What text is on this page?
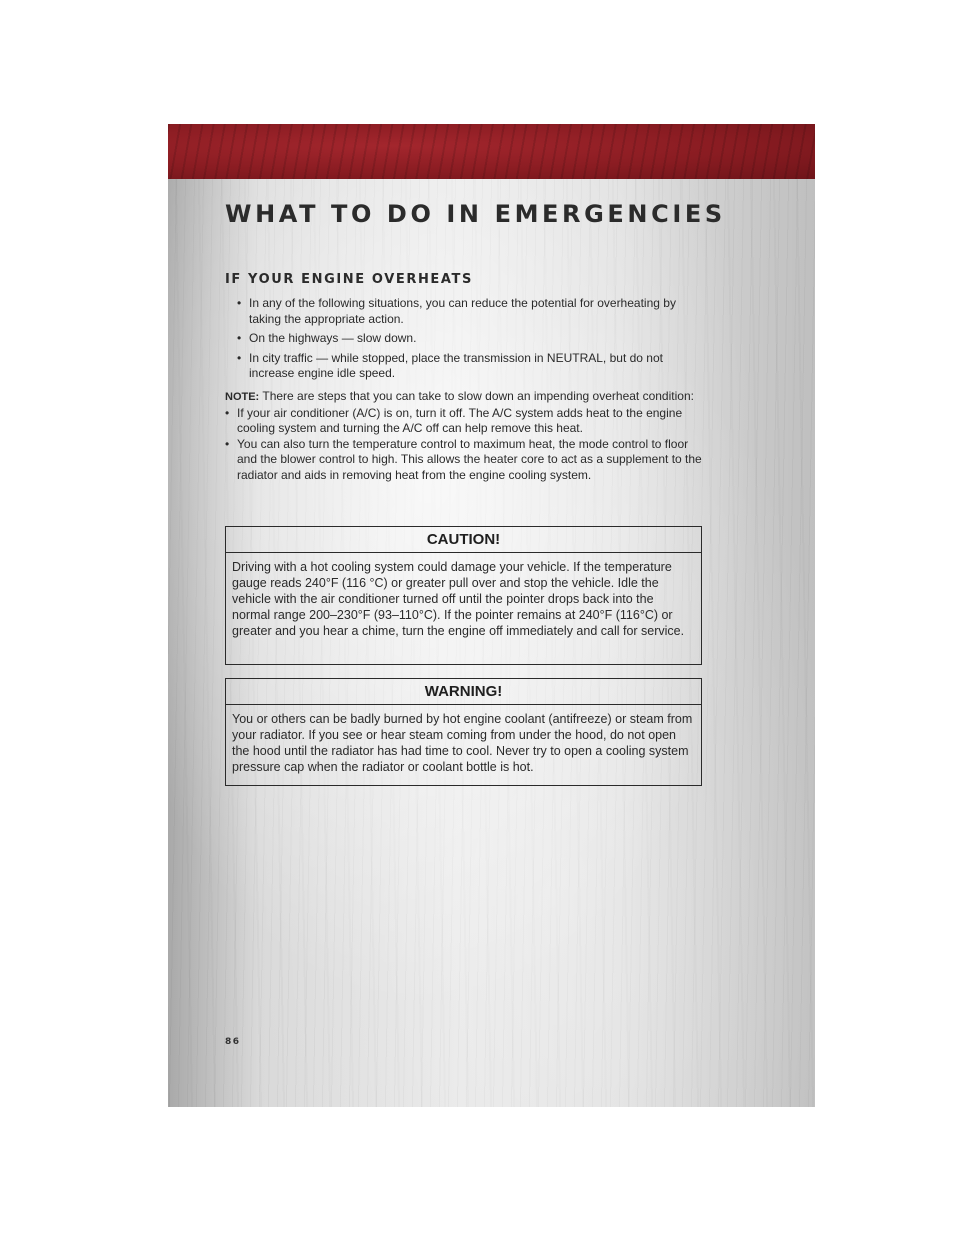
WHAT TO DO IN EMERGENCIES
IF YOUR ENGINE OVERHEATS
• In any of the following situations, you can reduce the potential for overheating by taking the appropriate action.
• On the highways — slow down.
• In city traffic — while stopped, place the transmission in NEUTRAL, but do not increase engine idle speed.
NOTE: There are steps that you can take to slow down an impending overheat condition:
• If your air conditioner (A/C) is on, turn it off. The A/C system adds heat to the engine cooling system and turning the A/C off can help remove this heat.
• You can also turn the temperature control to maximum heat, the mode control to floor and the blower control to high. This allows the heater core to act as a supplement to the radiator and aids in removing heat from the engine cooling system.
CAUTION!
Driving with a hot cooling system could damage your vehicle. If the temperature gauge reads 240°F (116 °C) or greater pull over and stop the vehicle. Idle the vehicle with the air conditioner turned off until the pointer drops back into the normal range 200–230°F (93–110°C). If the pointer remains at 240°F (116°C) or greater and you hear a chime, turn the engine off immediately and call for service.
WARNING!
You or others can be badly burned by hot engine coolant (antifreeze) or steam from your radiator. If you see or hear steam coming from under the hood, do not open the hood until the radiator has had time to cool. Never try to open a cooling system pressure cap when the radiator or coolant bottle is hot.
86
